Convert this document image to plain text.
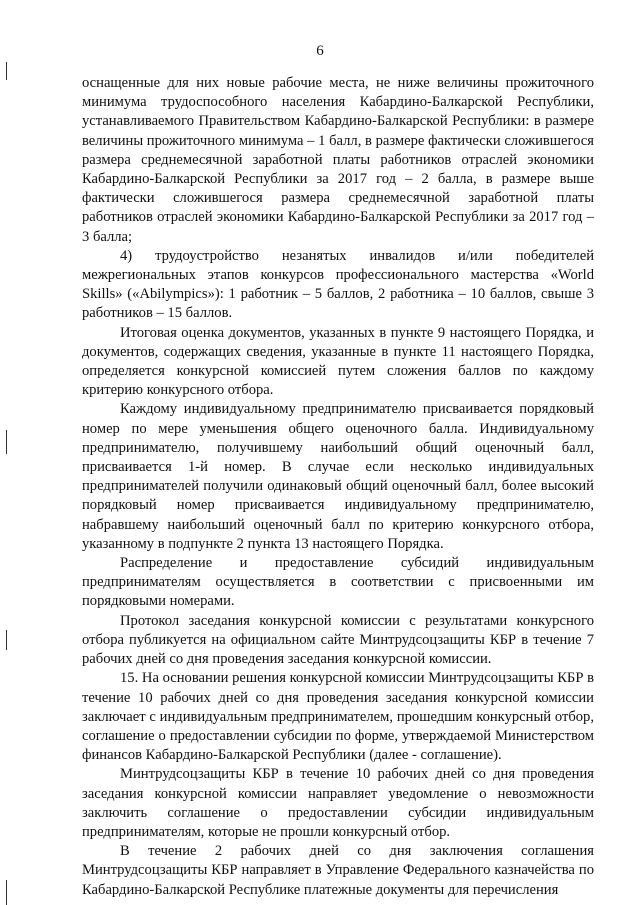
6

оснащенные для них новые рабочие места, не ниже величины прожиточного минимума трудоспособного населения Кабардино-Балкарской Республики, устанавливаемого Правительством Кабардино-Балкарской Республики: в размере величины прожиточного минимума – 1 балл, в размере фактически сложившегося размера среднемесячной заработной платы работников отраслей экономики Кабардино-Балкарской Республики за 2017 год – 2 балла, в размере выше фактически сложившегося размера среднемесячной заработной платы работников отраслей экономики Кабардино-Балкарской Республики за 2017 год – 3 балла;

4) трудоустройство незанятых инвалидов и/или победителей межрегиональных этапов конкурсов профессионального мастерства «World Skills» («Abilympics»): 1 работник – 5 баллов, 2 работника – 10 баллов, свыше 3 работников – 15 баллов.

Итоговая оценка документов, указанных в пункте 9 настоящего Порядка, и документов, содержащих сведения, указанные в пункте 11 настоящего Порядка, определяется конкурсной комиссией путем сложения баллов по каждому критерию конкурсного отбора.

Каждому индивидуальному предпринимателю присваивается порядковый номер по мере уменьшения общего оценочного балла. Индивидуальному предпринимателю, получившему наибольший общий оценочный балл, присваивается 1-й номер. В случае если несколько индивидуальных предпринимателей получили одинаковый общий оценочный балл, более высокий порядковый номер присваивается индивидуальному предпринимателю, набравшему наибольший оценочный балл по критерию конкурсного отбора, указанному в подпункте 2 пункта 13 настоящего Порядка.

Распределение и предоставление субсидий индивидуальным предпринимателям осуществляется в соответствии с присвоенными им порядковыми номерами.

Протокол заседания конкурсной комиссии с результатами конкурсного отбора публикуется на официальном сайте Минтрудсоцзащиты КБР в течение 7 рабочих дней со дня проведения заседания конкурсной комиссии.

15. На основании решения конкурсной комиссии Минтрудсоцзащиты КБР в течение 10 рабочих дней со дня проведения заседания конкурсной комиссии заключает с индивидуальным предпринимателем, прошедшим конкурсный отбор, соглашение о предоставлении субсидии по форме, утверждаемой Министерством финансов Кабардино-Балкарской Республики (далее - соглашение).

Минтрудсоцзащиты КБР в течение 10 рабочих дней со дня проведения заседания конкурсной комиссии направляет уведомление о невозможности заключить соглашение о предоставлении субсидии индивидуальным предпринимателям, которые не прошли конкурсный отбор.

В течение 2 рабочих дней со дня заключения соглашения Минтрудсоцзащиты КБР направляет в Управление Федерального казначейства по Кабардино-Балкарской Республике платежные документы для перечисления
